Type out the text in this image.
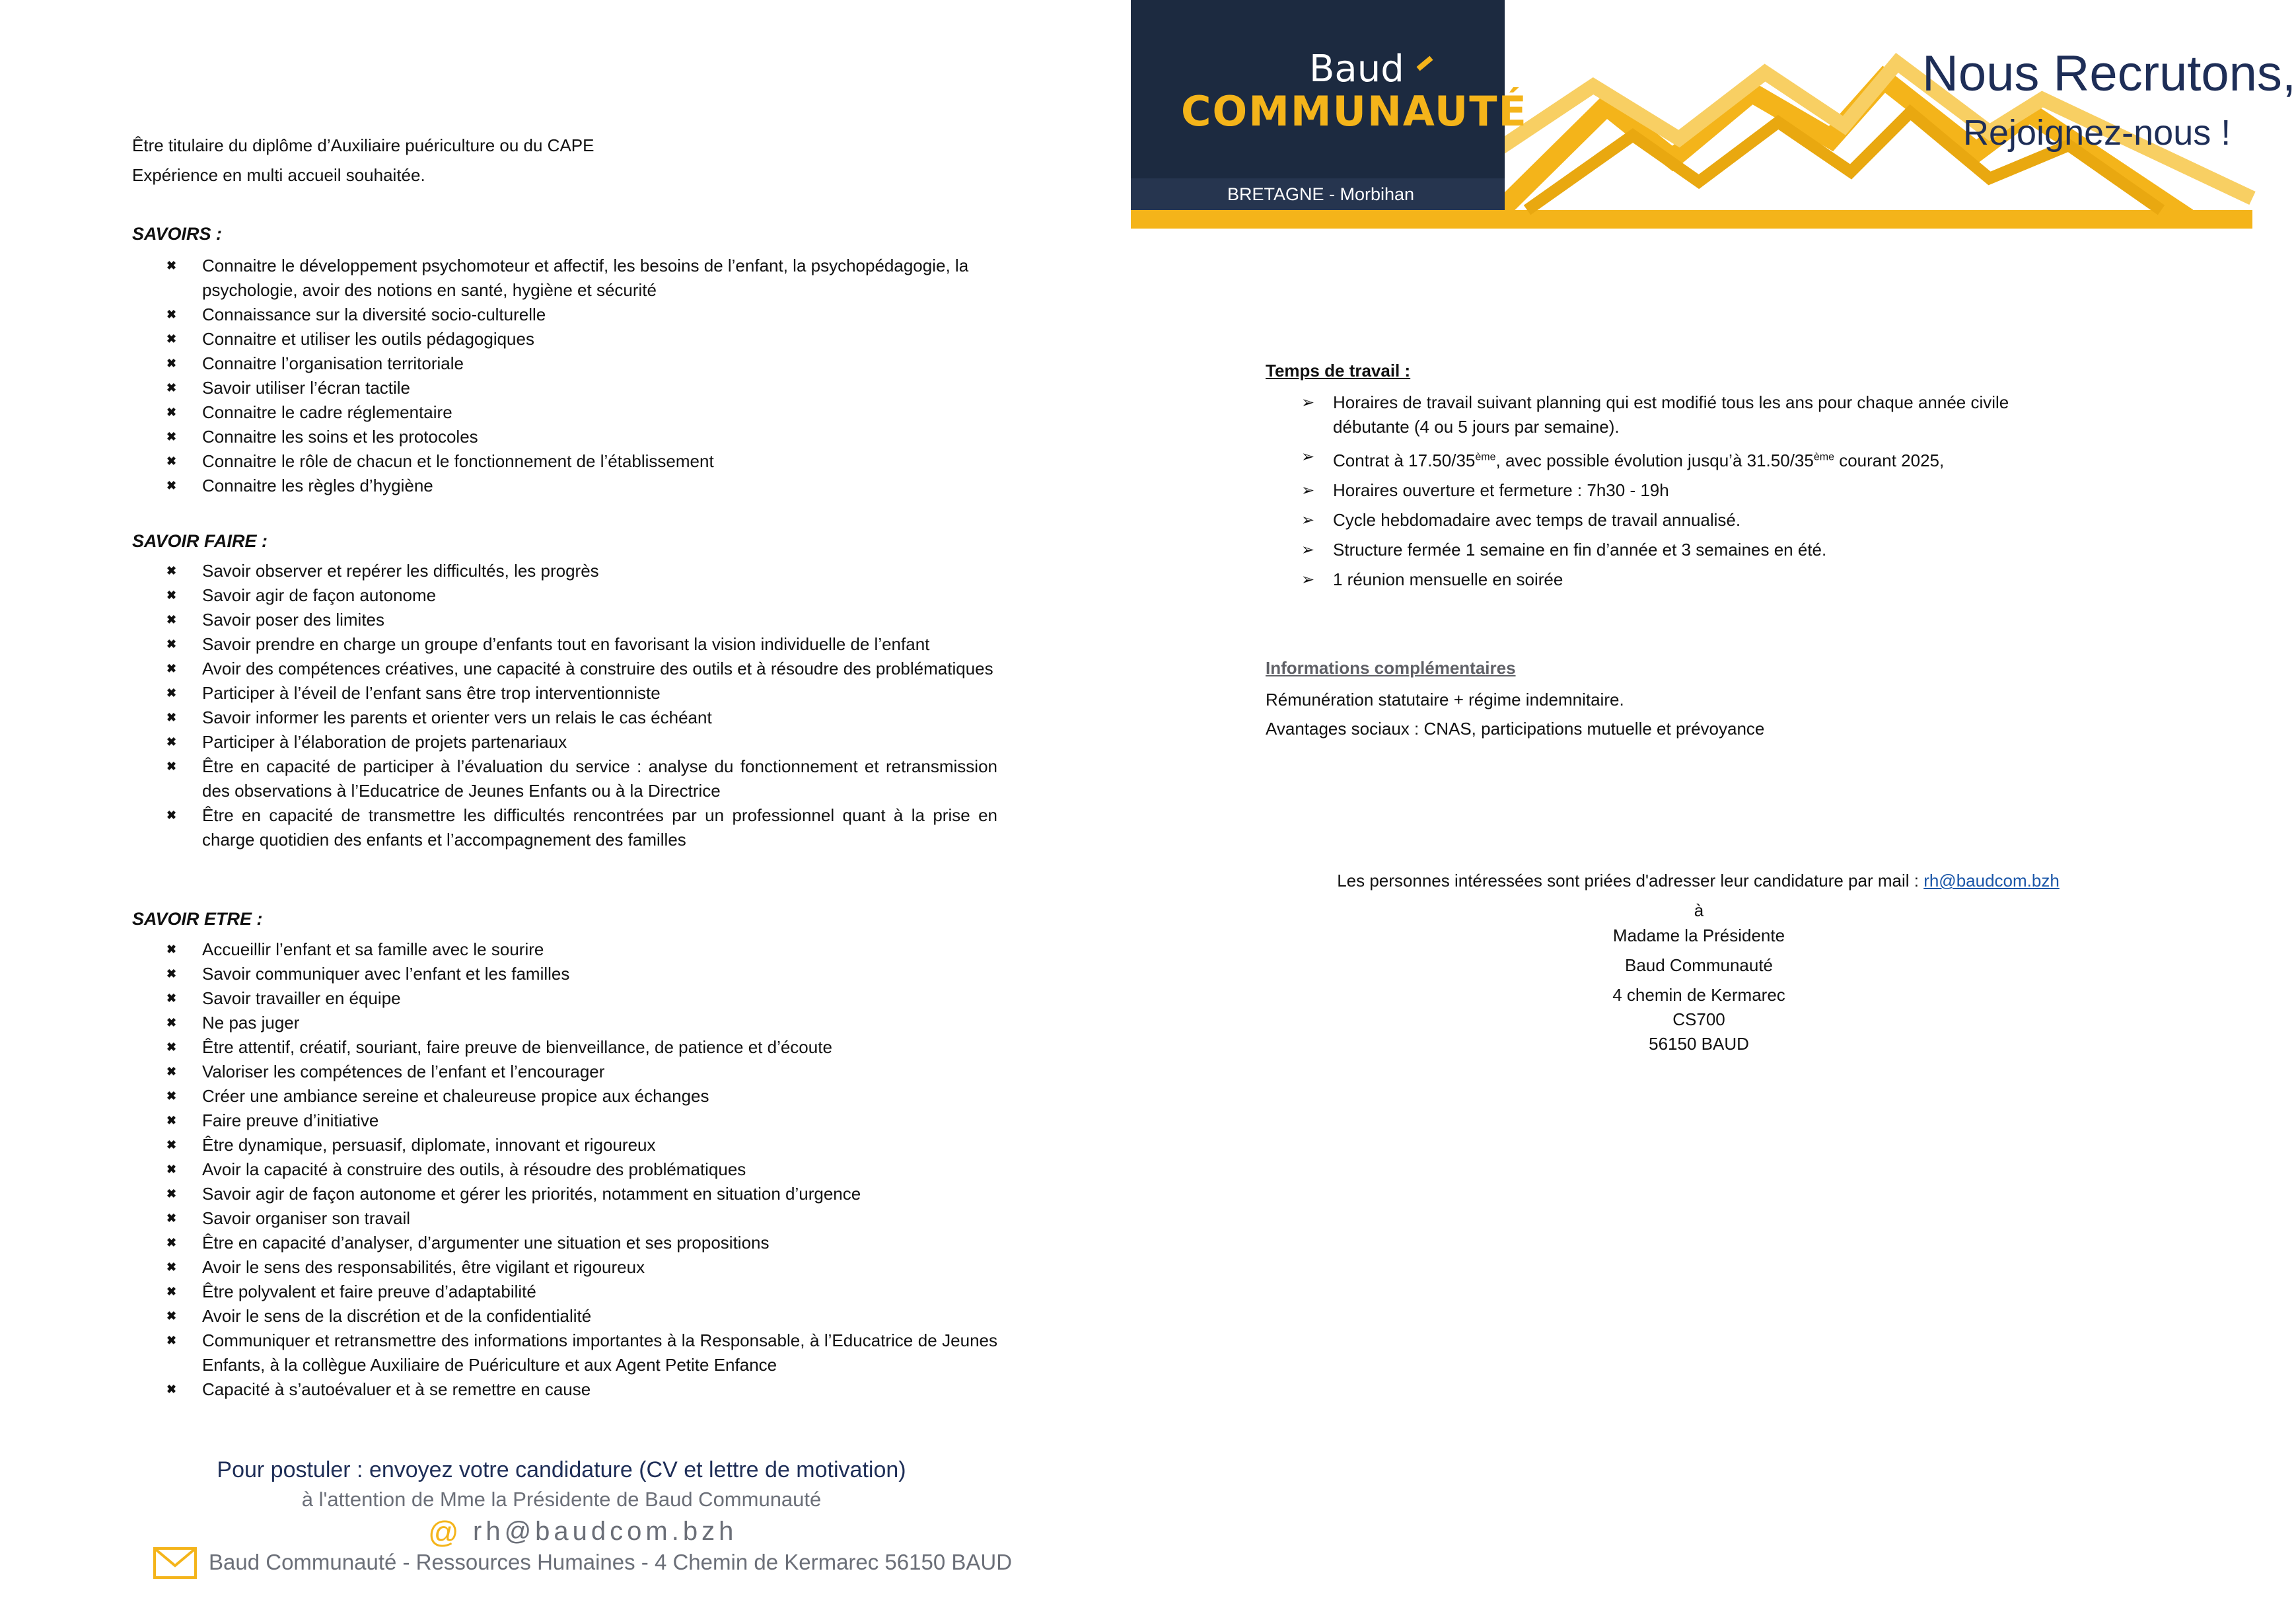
Baud
COMMUNAUTÉ
BRETAGNE - Morbihan
Nous Recrutons,
Rejoignez-nous !
Être titulaire du diplôme d’Auxiliaire puériculture ou du CAPE
Expérience en multi accueil souhaitée.
SAVOIRS :
✖ Connaitre le développement psychomoteur et affectif, les besoins de l’enfant, la psychopédagogie, la psychologie, avoir des notions en santé, hygiène et sécurité
✖ Connaissance sur la diversité socio-culturelle
✖ Connaitre et utiliser les outils pédagogiques
✖ Connaitre l’organisation territoriale
✖ Savoir utiliser l’écran tactile
✖ Connaitre le cadre réglementaire
✖ Connaitre les soins et les protocoles
✖ Connaitre le rôle de chacun et le fonctionnement de l’établissement
✖ Connaitre les règles d’hygiène
SAVOIR FAIRE :
✖ Savoir observer et repérer les difficultés, les progrès
✖ Savoir agir de façon autonome
✖ Savoir poser des limites
✖ Savoir prendre en charge un groupe d’enfants tout en favorisant la vision individuelle de l’enfant
✖ Avoir des compétences créatives, une capacité à construire des outils et à résoudre des problématiques
✖ Participer à l’éveil de l’enfant sans être trop interventionniste
✖ Savoir informer les parents et orienter vers un relais le cas échéant
✖ Participer à l’élaboration de projets partenariaux
✖ Être en capacité de participer à l’évaluation du service : analyse du fonctionnement et retransmission des observations à l’Educatrice de Jeunes Enfants ou à la Directrice
✖ Être en capacité de transmettre les difficultés rencontrées par un professionnel quant à la prise en charge quotidien des enfants et l’accompagnement des familles
SAVOIR ETRE :
✖ Accueillir l’enfant et sa famille avec le sourire
✖ Savoir communiquer avec l’enfant et les familles
✖ Savoir travailler en équipe
✖ Ne pas juger
✖ Être attentif, créatif, souriant, faire preuve de bienveillance, de patience et d’écoute
✖ Valoriser les compétences de l’enfant et l’encourager
✖ Créer une ambiance sereine et chaleureuse propice aux échanges
✖ Faire preuve d’initiative
✖ Être dynamique, persuasif, diplomate, innovant et rigoureux
✖ Avoir la capacité à construire des outils, à résoudre des problématiques
✖ Savoir agir de façon autonome et gérer les priorités, notamment en situation d’urgence
✖ Savoir organiser son travail
✖ Être en capacité d’analyser, d’argumenter une situation et ses propositions
✖ Avoir le sens des responsabilités, être vigilant et rigoureux
✖ Être polyvalent et faire preuve d’adaptabilité
✖ Avoir le sens de la discrétion et de la confidentialité
✖ Communiquer et retransmettre des informations importantes à la Responsable, à l’Educatrice de Jeunes Enfants, à la collègue Auxiliaire de Puériculture et aux Agent Petite Enfance
✖ Capacité à s’autoévaluer et à se remettre en cause
Pour postuler : envoyez votre candidature (CV et lettre de motivation)
à l'attention de Mme la Présidente de Baud Communauté
@ rh@baudcom.bzh
Baud Communauté - Ressources Humaines - 4 Chemin de Kermarec 56150 BAUD
Temps de travail :
➢ Horaires de travail suivant planning qui est modifié tous les ans pour chaque année civile débutante (4 ou 5 jours par semaine).
➢ Contrat à 17.50/35ème, avec possible évolution jusqu’à 31.50/35ème courant 2025,
➢ Horaires ouverture et fermeture : 7h30 - 19h
➢ Cycle hebdomadaire avec temps de travail annualisé.
➢ Structure fermée 1 semaine en fin d’année et 3 semaines en été.
➢ 1 réunion mensuelle en soirée
Informations complémentaires
Rémunération statutaire + régime indemnitaire.
Avantages sociaux : CNAS, participations mutuelle et prévoyance
Les personnes intéressées sont priées d'adresser leur candidature par mail : rh@baudcom.bzh
à
Madame la Présidente
Baud Communauté
4 chemin de Kermarec
CS700
56150 BAUD
